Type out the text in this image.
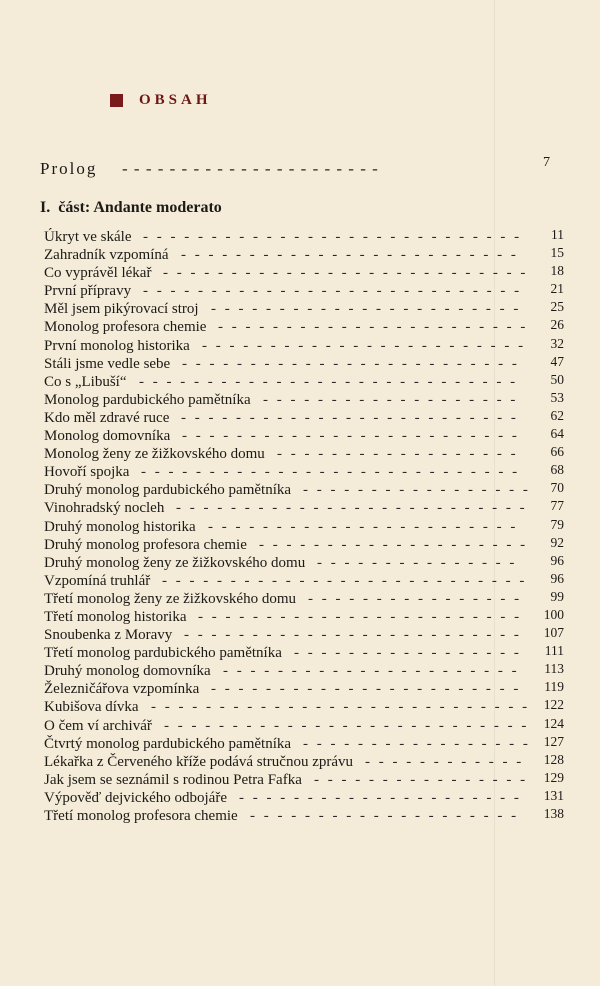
OBSAH
Prolog - - - - - - - - - - - - - - - - - - - - - -	7
I. část: Andante moderato
Úkryt ve skále - - - - - - - - - - - - - - - - - - - - - - - - - - - - 11
Zahradník vzpomíná - - - - - - - - - - - - - - - - - - - - - - - - - 15
Co vyprávěl lékař - - - - - - - - - - - - - - - - - - - - - - - - - - - 18
První přípravy - - - - - - - - - - - - - - - - - - - - - - - - - - - - 21
Měl jsem pikýrovací stroj - - - - - - - - - - - - - - - - - - - - - - - 25
Monolog profesora chemie - - - - - - - - - - - - - - - - - - - - - - - 26
První monolog historika - - - - - - - - - - - - - - - - - - - - - - - - 32
Stáli jsme vedle sebe - - - - - - - - - - - - - - - - - - - - - - - - - 47
Co s „Libuší“ - - - - - - - - - - - - - - - - - - - - - - - - - - - - 50
Monolog pardubického pamětníka - - - - - - - - - - - - - - - - - - - 53
Kdo měl zdravé ruce - - - - - - - - - - - - - - - - - - - - - - - - - 62
Monolog domovníka - - - - - - - - - - - - - - - - - - - - - - - - - 64
Monolog ženy ze žižkovského domu - - - - - - - - - - - - - - - - - - 66
Hovoří spojka - - - - - - - - - - - - - - - - - - - - - - - - - - - - 68
Druhý monolog pardubického pamětníka - - - - - - - - - - - - - - - - - 70
Vinohradský nocleh - - - - - - - - - - - - - - - - - - - - - - - - - - 77
Druhý monolog historika - - - - - - - - - - - - - - - - - - - - - - - 79
Druhý monolog profesora chemie - - - - - - - - - - - - - - - - - - - - 92
Druhý monolog ženy ze žižkovského domu - - - - - - - - - - - - - - - 96
Vzpomíná truhlář - - - - - - - - - - - - - - - - - - - - - - - - - - - 96
Třetí monolog ženy ze žižkovského domu - - - - - - - - - - - - - - - - 99
Třetí monolog historika - - - - - - - - - - - - - - - - - - - - - - - - 100
Snoubenka z Moravy - - - - - - - - - - - - - - - - - - - - - - - - - 107
Třetí monolog pardubického pamětníka - - - - - - - - - - - - - - - - - 111
Druhý monolog domovníka - - - - - - - - - - - - - - - - - - - - - - 113
Železničářova vzpomínka - - - - - - - - - - - - - - - - - - - - - - - 119
Kubišova dívka - - - - - - - - - - - - - - - - - - - - - - - - - - - - 122
O čem ví archivář - - - - - - - - - - - - - - - - - - - - - - - - - - - 124
Čtvrtý monolog pardubického pamětníka - - - - - - - - - - - - - - - - - 127
Lékařka z Červeného kříže podává stručnou zprávu - - - - - - - - - - - - 128
Jak jsem se seznámil s rodinou Petra Fafka - - - - - - - - - - - - - - - - 129
Výpověď dejvického odbojáře - - - - - - - - - - - - - - - - - - - - - 131
Třetí monolog profesora chemie - - - - - - - - - - - - - - - - - - - - 138
